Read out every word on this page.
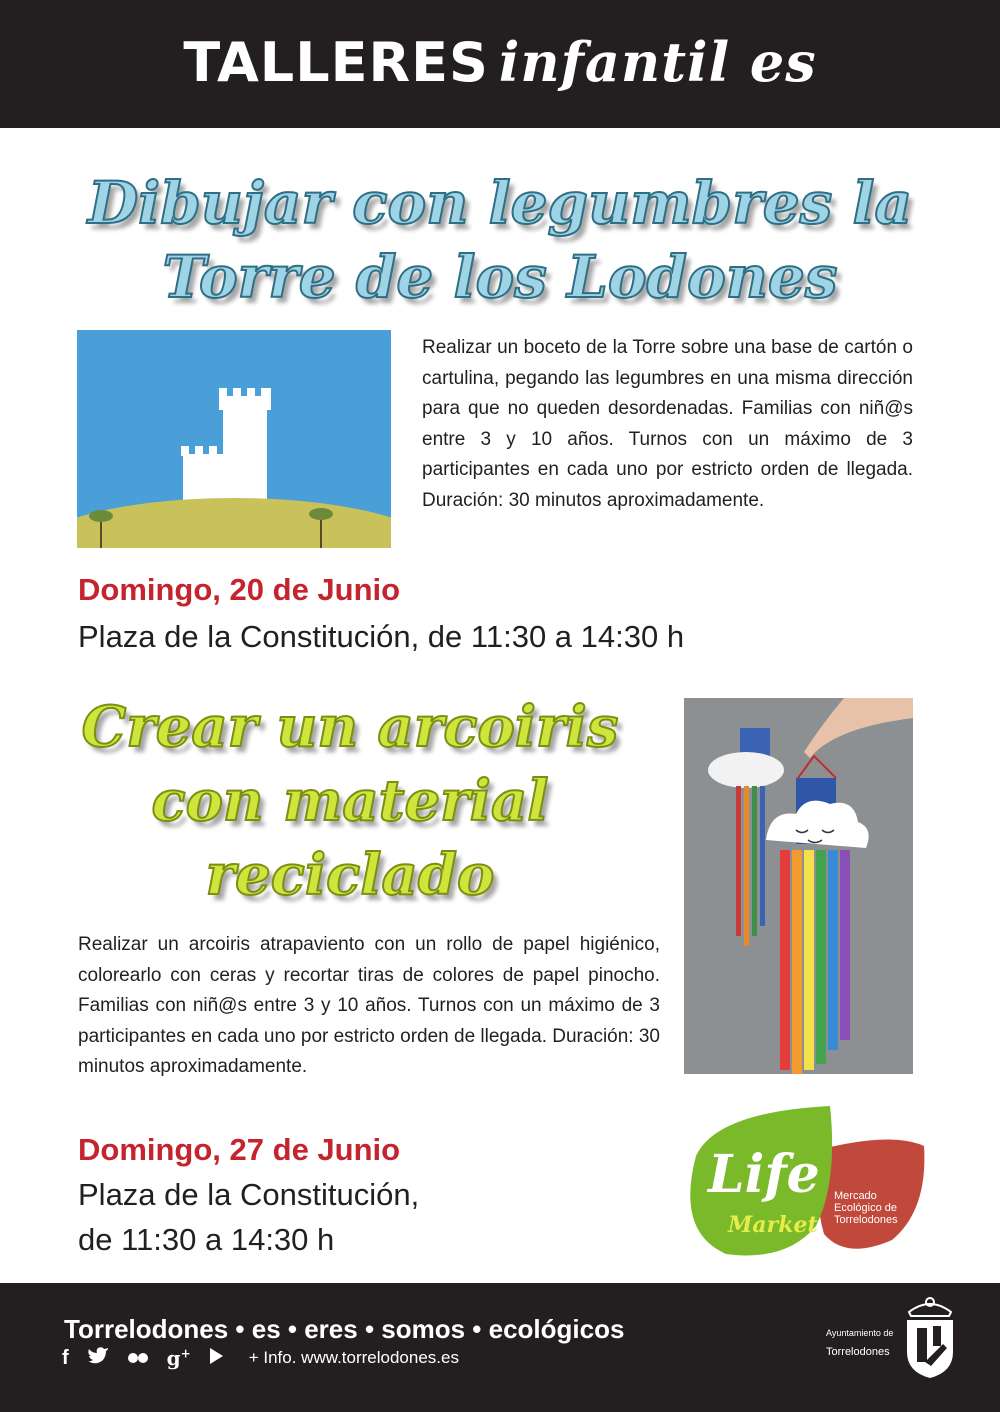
TALLERES infantil es
Dibujar con legumbres la
Torre de los Lodones
Realizar un boceto de la Torre sobre una base de cartón o cartulina, pegando las legumbres en una misma dirección para que no queden desordenadas. Familias con niñ@s entre 3 y 10 años. Turnos con un máximo de 3 participantes en cada uno por estricto orden de llegada. Duración: 30 minutos aproximadamente.
Domingo, 20 de Junio
Plaza de la Constitución, de 11:30 a 14:30 h
Crear un arcoiris
con material
reciclado
Realizar un arcoiris atrapaviento con un rollo de papel higiénico, colorearlo con ceras y recortar tiras de colores de papel pinocho. Familias con niñ@s entre 3 y 10 años. Turnos con un máximo de 3 participantes en cada uno por estricto orden de llegada. Duración: 30 minutos aproximadamente.
Domingo, 27 de Junio
Plaza de la Constitución,
de 11:30 a 14:30 h
Life
Market
Mercado
Ecológico de
Torrelodones
Torrelodones • es • eres • somos • ecológicos
f	g+	+ Info. www.torrelodones.es
Ayuntamiento de
Torrelodones
